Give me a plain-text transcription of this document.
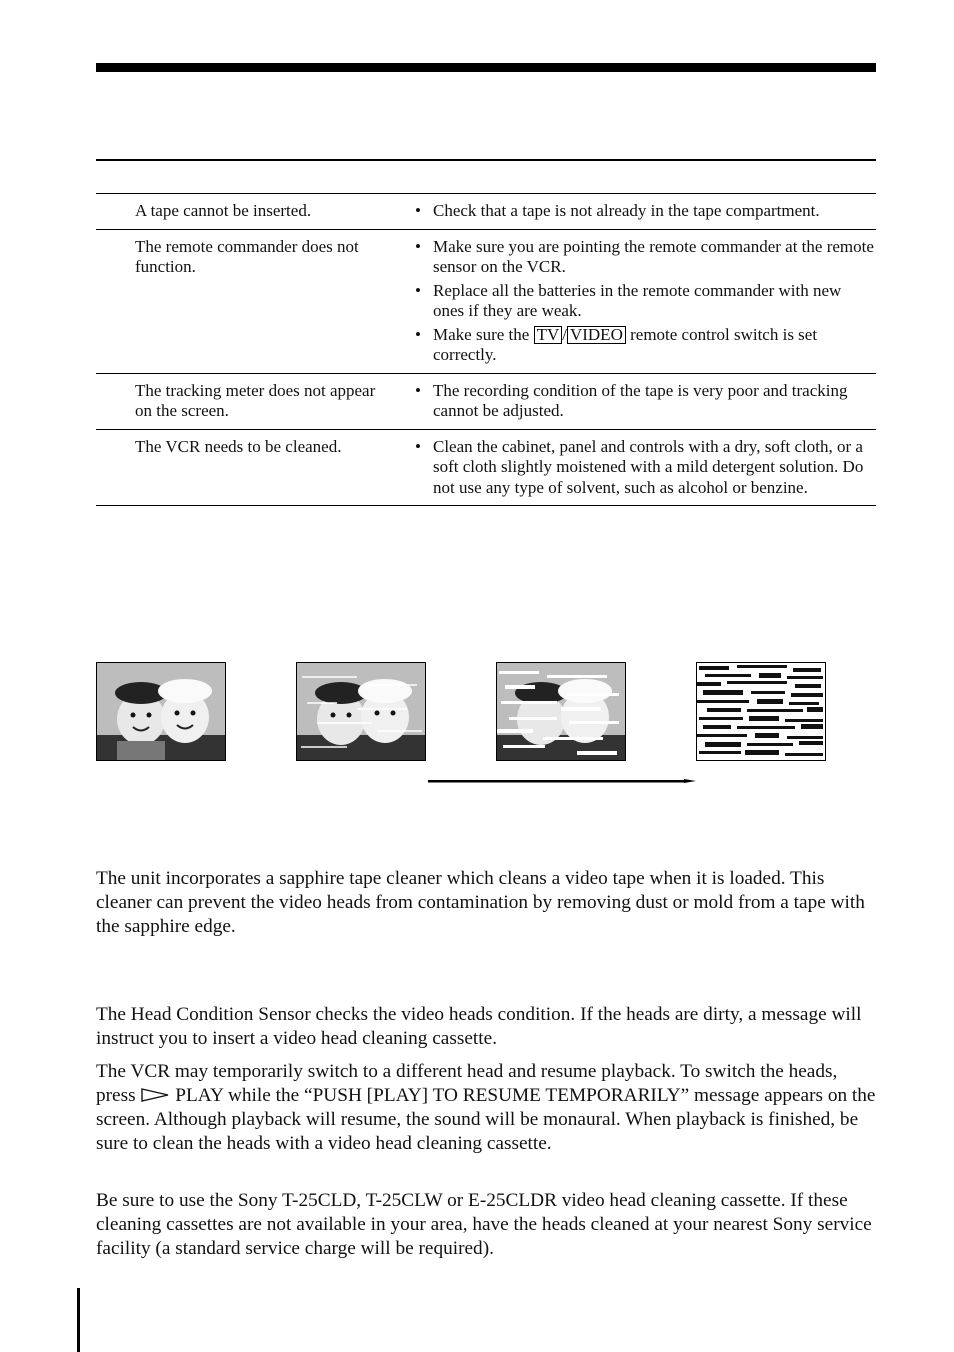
A tape cannot be inserted.	• Check that a tape is not already in the tape compartment.
The remote commander does not function.
• Make sure you are pointing the remote commander at the remote sensor on the VCR.
• Replace all the batteries in the remote commander with new ones if they are weak.
• Make sure the TV / VIDEO remote control switch is set correctly.
The tracking meter does not appear on the screen.
• The recording condition of the tape is very poor and tracking cannot be adjusted.
The VCR needs to be cleaned.	• Clean the cabinet, panel and controls with a dry, soft cloth, or a soft cloth slightly moistened with a mild detergent solution. Do not use any type of solvent, such as alcohol or benzine.

The unit incorporates a sapphire tape cleaner which cleans a video tape when it is loaded. This cleaner can prevent the video heads from contamination by removing dust or mold from a tape with the sapphire edge.

The Head Condition Sensor checks the video heads condition. If the heads are dirty, a message will instruct you to insert a video head cleaning cassette.

The VCR may temporarily switch to a different head and resume playback. To switch the heads, press PLAY while the “PUSH [PLAY] TO RESUME TEMPORARILY” message appears on the screen. Although playback will resume, the sound will be monaural. When playback is finished, be sure to clean the heads with a video head cleaning cassette.

Be sure to use the Sony T-25CLD, T-25CLW or E-25CLDR video head cleaning cassette. If these cleaning cassettes are not available in your area, have the heads cleaned at your nearest Sony service facility (a standard service charge will be required).
